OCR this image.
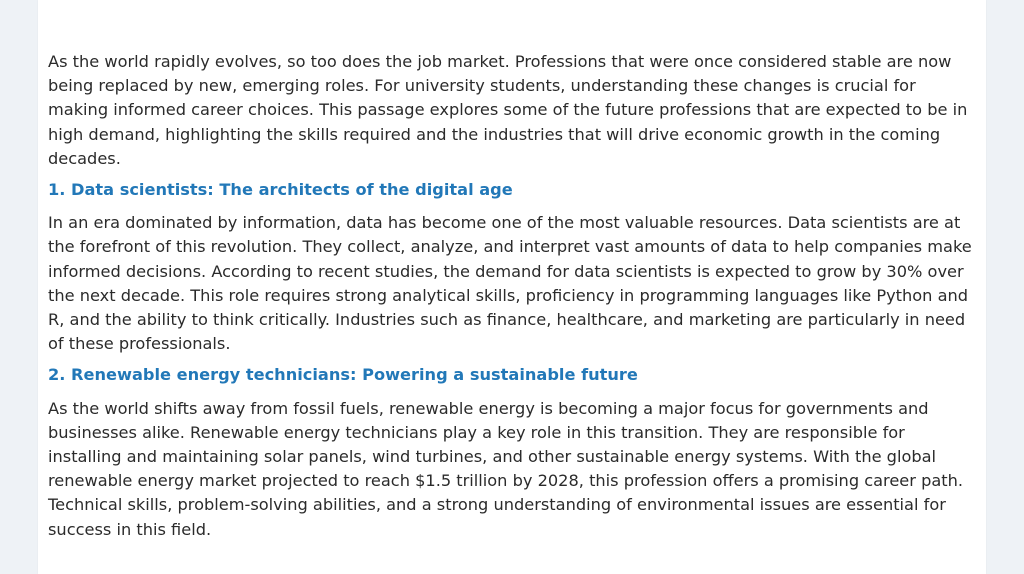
As the world rapidly evolves, so too does the job market. Professions that were once considered stable are now being replaced by new, emerging roles. For university students, understanding these changes is crucial for making informed career choices. This passage explores some of the future professions that are expected to be in high demand, highlighting the skills required and the industries that will drive economic growth in the coming decades.

1. Data scientists: The architects of the digital age

In an era dominated by information, data has become one of the most valuable resources. Data scientists are at the forefront of this revolution. They collect, analyze, and interpret vast amounts of data to help companies make informed decisions. According to recent studies, the demand for data scientists is expected to grow by 30% over the next decade. This role requires strong analytical skills, proficiency in programming languages like Python and R, and the ability to think critically. Industries such as finance, healthcare, and marketing are particularly in need of these professionals.

2. Renewable energy technicians: Powering a sustainable future

As the world shifts away from fossil fuels, renewable energy is becoming a major focus for governments and businesses alike. Renewable energy technicians play a key role in this transition. They are responsible for installing and maintaining solar panels, wind turbines, and other sustainable energy systems. With the global renewable energy market projected to reach $1.5 trillion by 2028, this profession offers a promising career path. Technical skills, problem-solving abilities, and a strong understanding of environmental issues are essential for success in this field.
